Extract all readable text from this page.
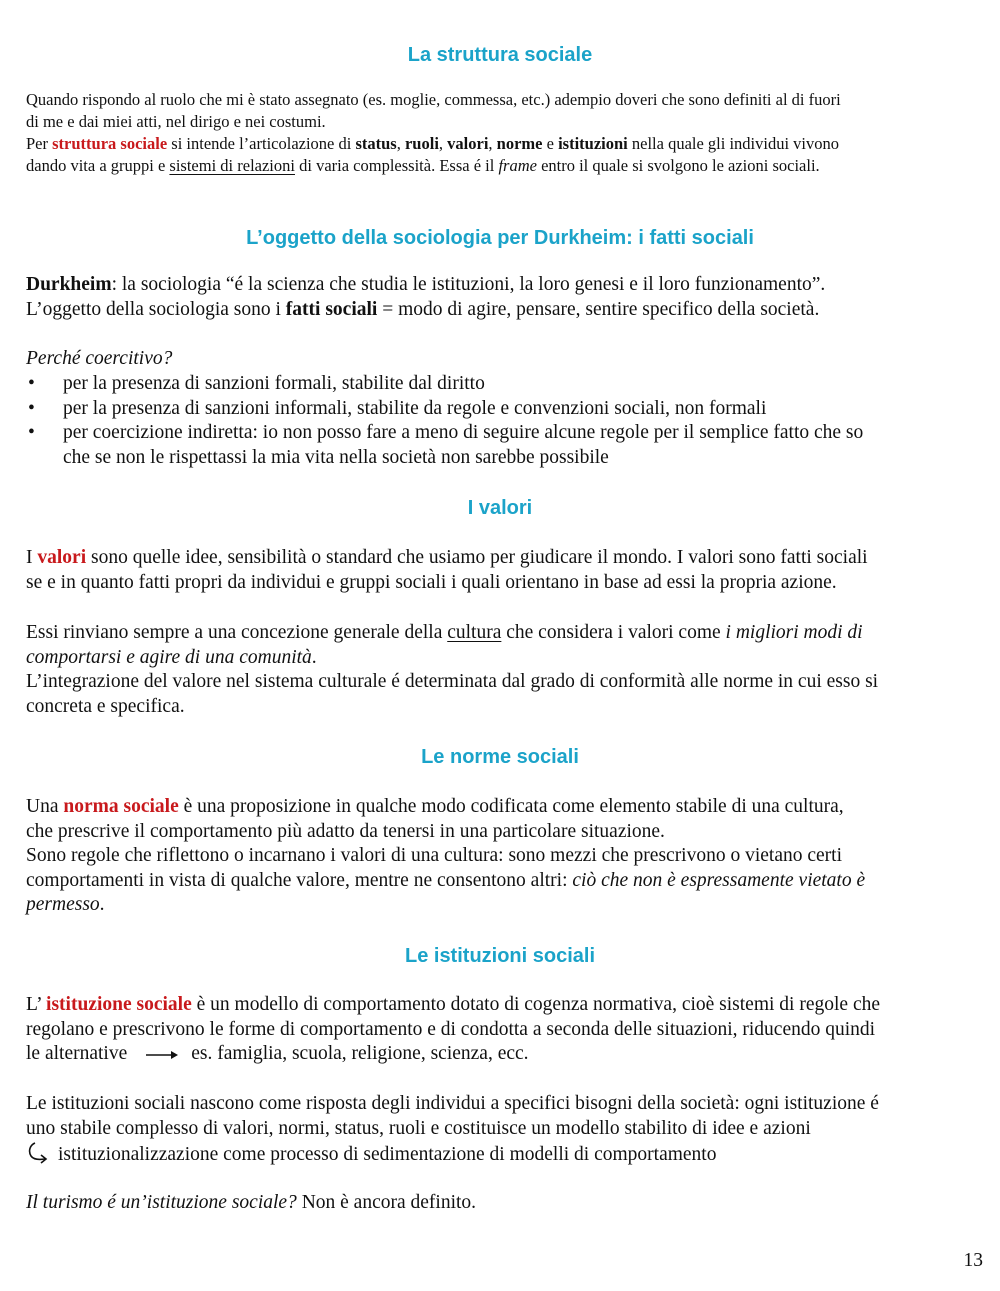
La struttura sociale
Quando rispondo al ruolo che mi è stato assegnato (es. moglie, commessa, etc.) adempio doveri che sono definiti al di fuori
di me e dai miei atti, nel dirigo e nei costumi.
Per struttura sociale si intende l’articolazione di status, ruoli, valori, norme e istituzioni nella quale gli individui vivono
dando vita a gruppi e sistemi di relazioni di varia complessità. Essa é il frame entro il quale si svolgono le azioni sociali.
L’oggetto della sociologia per Durkheim: i fatti sociali
Durkheim: la sociologia “é la scienza che studia le istituzioni, la loro genesi e il loro funzionamento”.
L’oggetto della sociologia sono i fatti sociali = modo di agire, pensare, sentire specifico della società.
Perché coercitivo?
• per la presenza di sanzioni formali, stabilite dal diritto
• per la presenza di sanzioni informali, stabilite da regole e convenzioni sociali, non formali
• per coercizione indiretta: io non posso fare a meno di seguire alcune regole per il semplice fatto che so
che se non le rispettassi la mia vita nella società non sarebbe possibile
I valori
I valori sono quelle idee, sensibilità o standard che usiamo per giudicare il mondo. I valori sono fatti sociali
se e in quanto fatti propri da individui e gruppi sociali i quali orientano in base ad essi la propria azione.
Essi rinviano sempre a una concezione generale della cultura che considera i valori come i migliori modi di
comportarsi e agire di una comunità.
L’integrazione del valore nel sistema culturale é determinata dal grado di conformità alle norme in cui esso si
concreta e specifica.
Le norme sociali
Una norma sociale è una proposizione in qualche modo codificata come elemento stabile di una cultura,
che prescrive il comportamento più adatto da tenersi in una particolare situazione.
Sono regole che riflettono o incarnano i valori di una cultura: sono mezzi che prescrivono o vietano certi
comportamenti in vista di qualche valore, mentre ne consentono altri: ciò che non è espressamente vietato è
permesso.
Le istituzioni sociali
L’ istituzione sociale è un modello di comportamento dotato di cogenza normativa, cioè sistemi di regole che
regolano e prescrivono le forme di comportamento e di condotta a seconda delle situazioni, riducendo quindi
le alternative	es. famiglia, scuola, religione, scienza, ecc.
Le istituzioni sociali nascono come risposta degli individui a specifici bisogni della società: ogni istituzione é
uno stabile complesso di valori, normi, status, ruoli e costituisce un modello stabilito di idee e azioni
istituzionalizzazione come processo di sedimentazione di modelli di comportamento
Il turismo é un’istituzione sociale? Non è ancora definito.
13
